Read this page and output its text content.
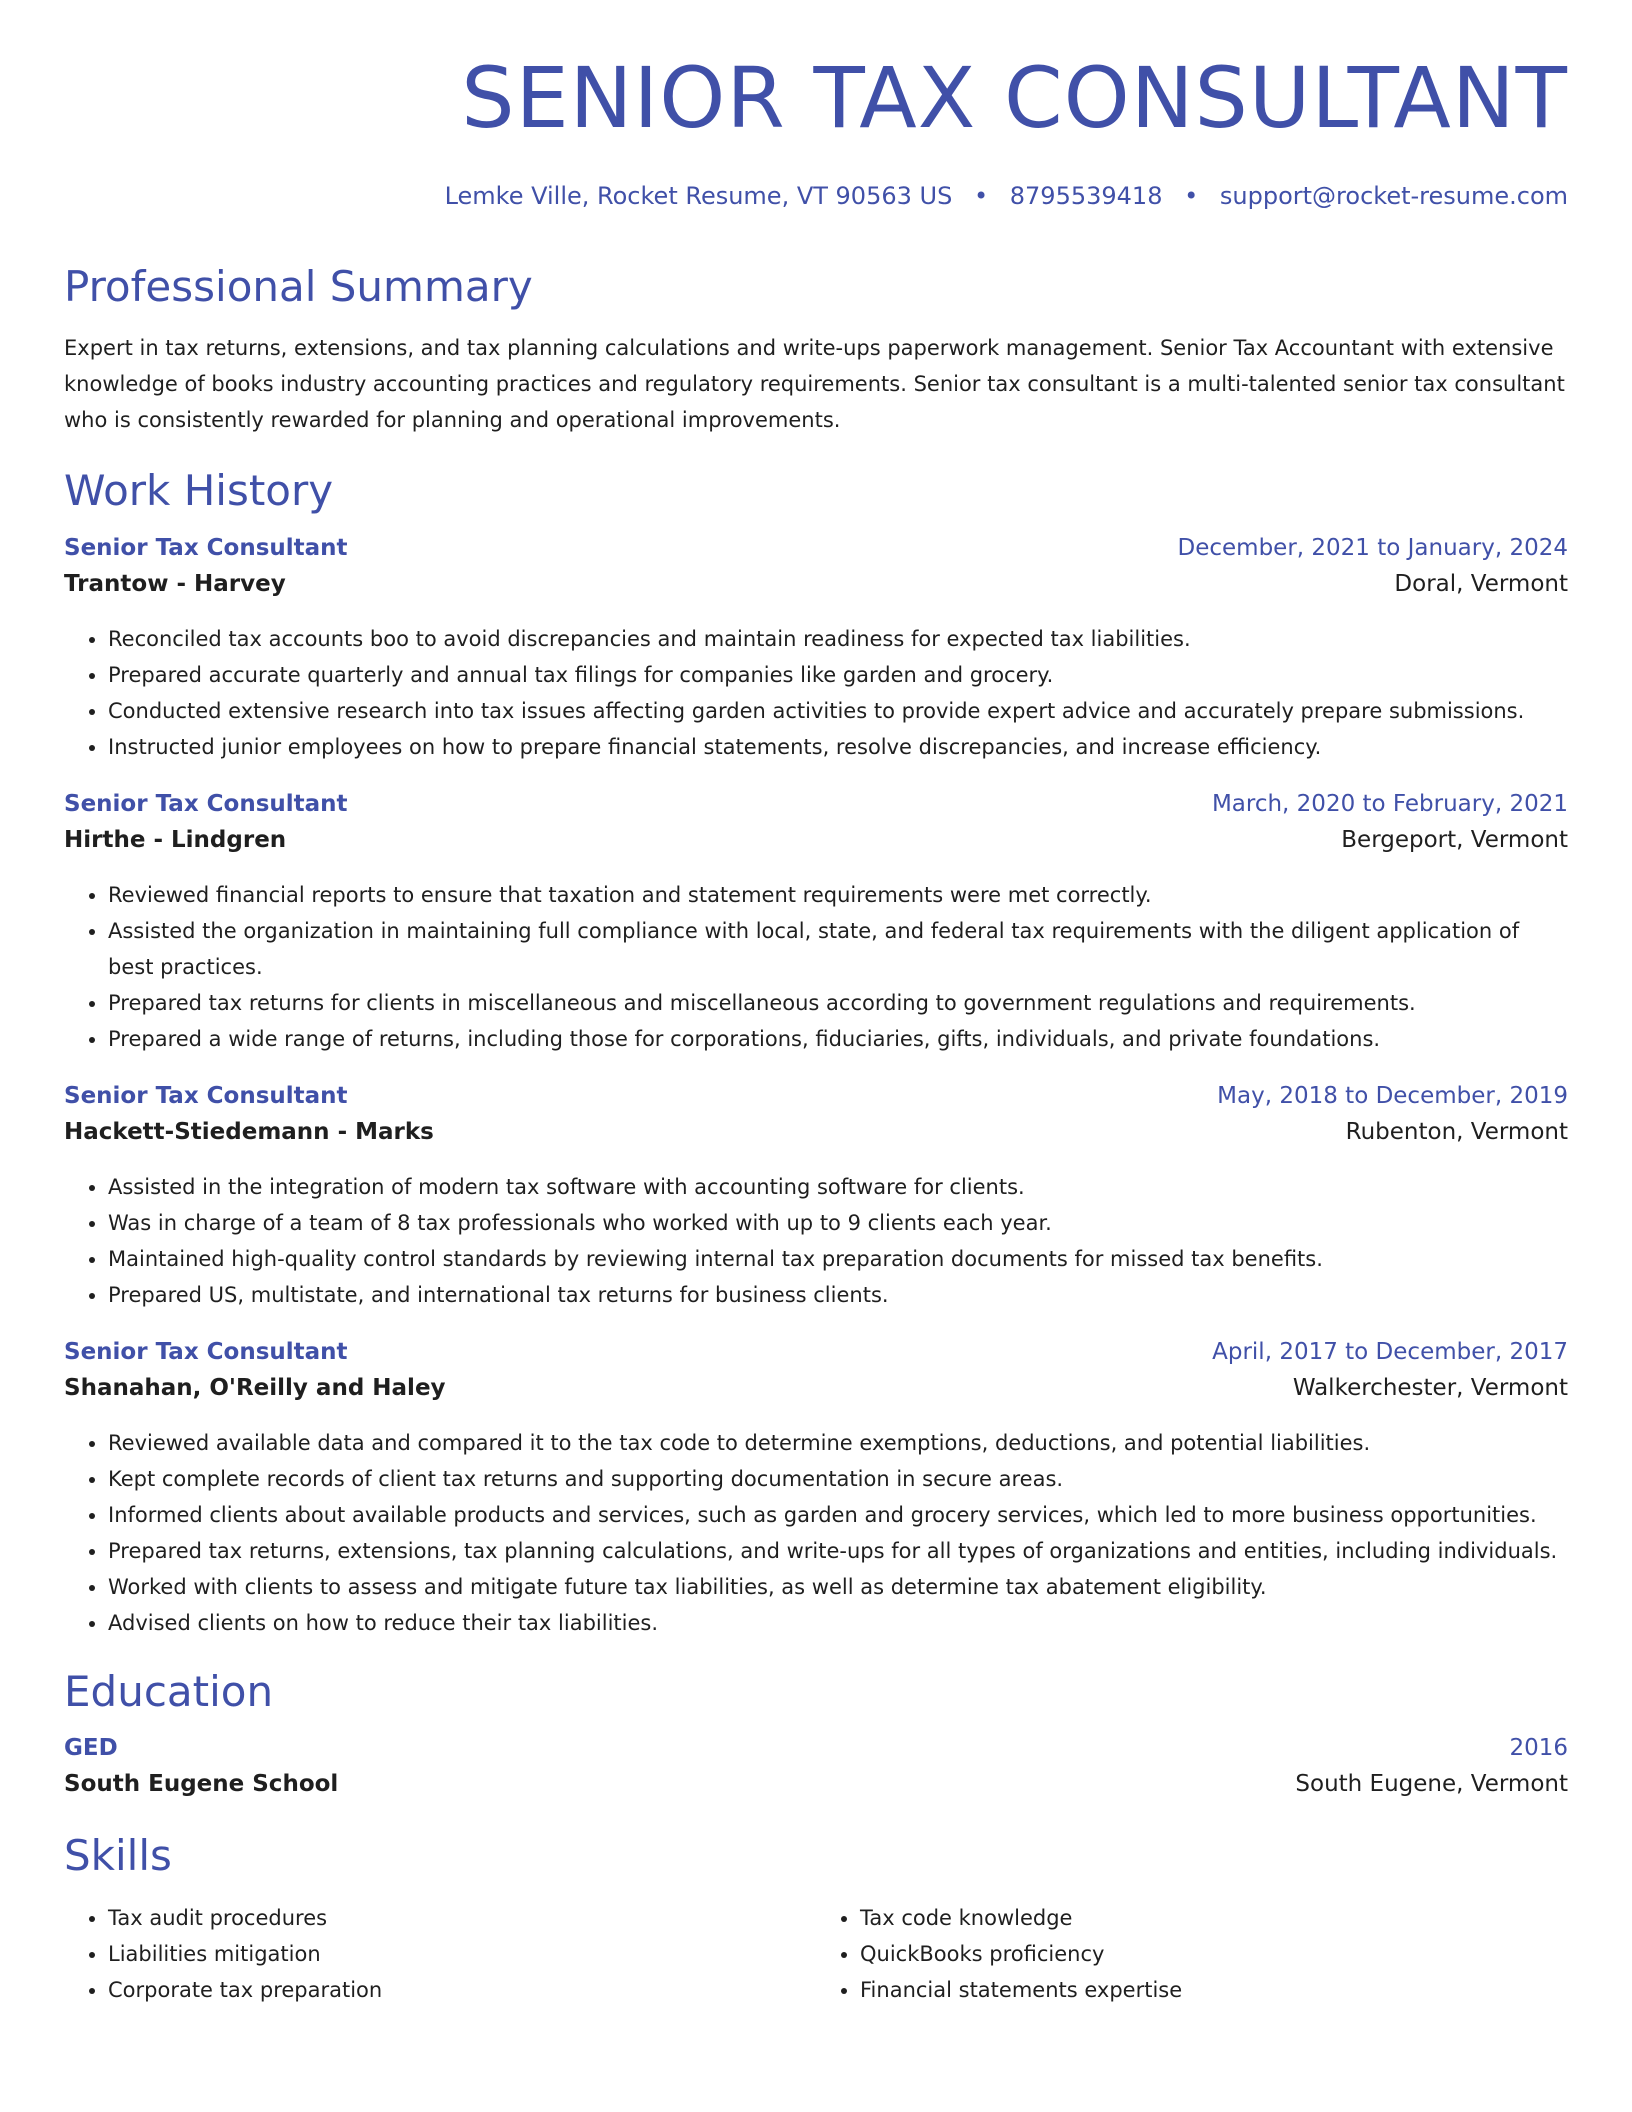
SENIOR TAX CONSULTANT
Lemke Ville, Rocket Resume, VT 90563 US • 8795539418 • support@rocket-resume.com
Professional Summary

Expert in tax returns, extensions, and tax planning calculations and write-ups paperwork management. Senior Tax Accountant with extensive knowledge of books industry accounting practices and regulatory requirements. Senior tax consultant is a multi-talented senior tax consultant who is consistently rewarded for planning and operational improvements.

Work History
Senior Tax Consultant	December, 2021 to January, 2024
Trantow - Harvey	Doral, Vermont
• Reconciled tax accounts boo to avoid discrepancies and maintain readiness for expected tax liabilities.
• Prepared accurate quarterly and annual tax filings for companies like garden and grocery.
• Conducted extensive research into tax issues affecting garden activities to provide expert advice and accurately prepare submissions.
• Instructed junior employees on how to prepare financial statements, resolve discrepancies, and increase efficiency.
Senior Tax Consultant	March, 2020 to February, 2021
Hirthe - Lindgren	Bergeport, Vermont
• Reviewed financial reports to ensure that taxation and statement requirements were met correctly.
• Assisted the organization in maintaining full compliance with local, state, and federal tax requirements with the diligent application of best practices.
• Prepared tax returns for clients in miscellaneous and miscellaneous according to government regulations and requirements.
• Prepared a wide range of returns, including those for corporations, fiduciaries, gifts, individuals, and private foundations.
Senior Tax Consultant	May, 2018 to December, 2019
Hackett-Stiedemann - Marks	Rubenton, Vermont
• Assisted in the integration of modern tax software with accounting software for clients.
• Was in charge of a team of 8 tax professionals who worked with up to 9 clients each year.
• Maintained high-quality control standards by reviewing internal tax preparation documents for missed tax benefits.
• Prepared US, multistate, and international tax returns for business clients.
Senior Tax Consultant	April, 2017 to December, 2017
Shanahan, O'Reilly and Haley	Walkerchester, Vermont
• Reviewed available data and compared it to the tax code to determine exemptions, deductions, and potential liabilities.
• Kept complete records of client tax returns and supporting documentation in secure areas.
• Informed clients about available products and services, such as garden and grocery services, which led to more business opportunities.
• Prepared tax returns, extensions, tax planning calculations, and write-ups for all types of organizations and entities, including individuals.
• Worked with clients to assess and mitigate future tax liabilities, as well as determine tax abatement eligibility.
• Advised clients on how to reduce their tax liabilities.
Education
GED	2016
South Eugene School	South Eugene, Vermont
Skills
• Tax audit procedures
• Liabilities mitigation
• Corporate tax preparation
• Tax code knowledge
• QuickBooks proficiency
• Financial statements expertise
